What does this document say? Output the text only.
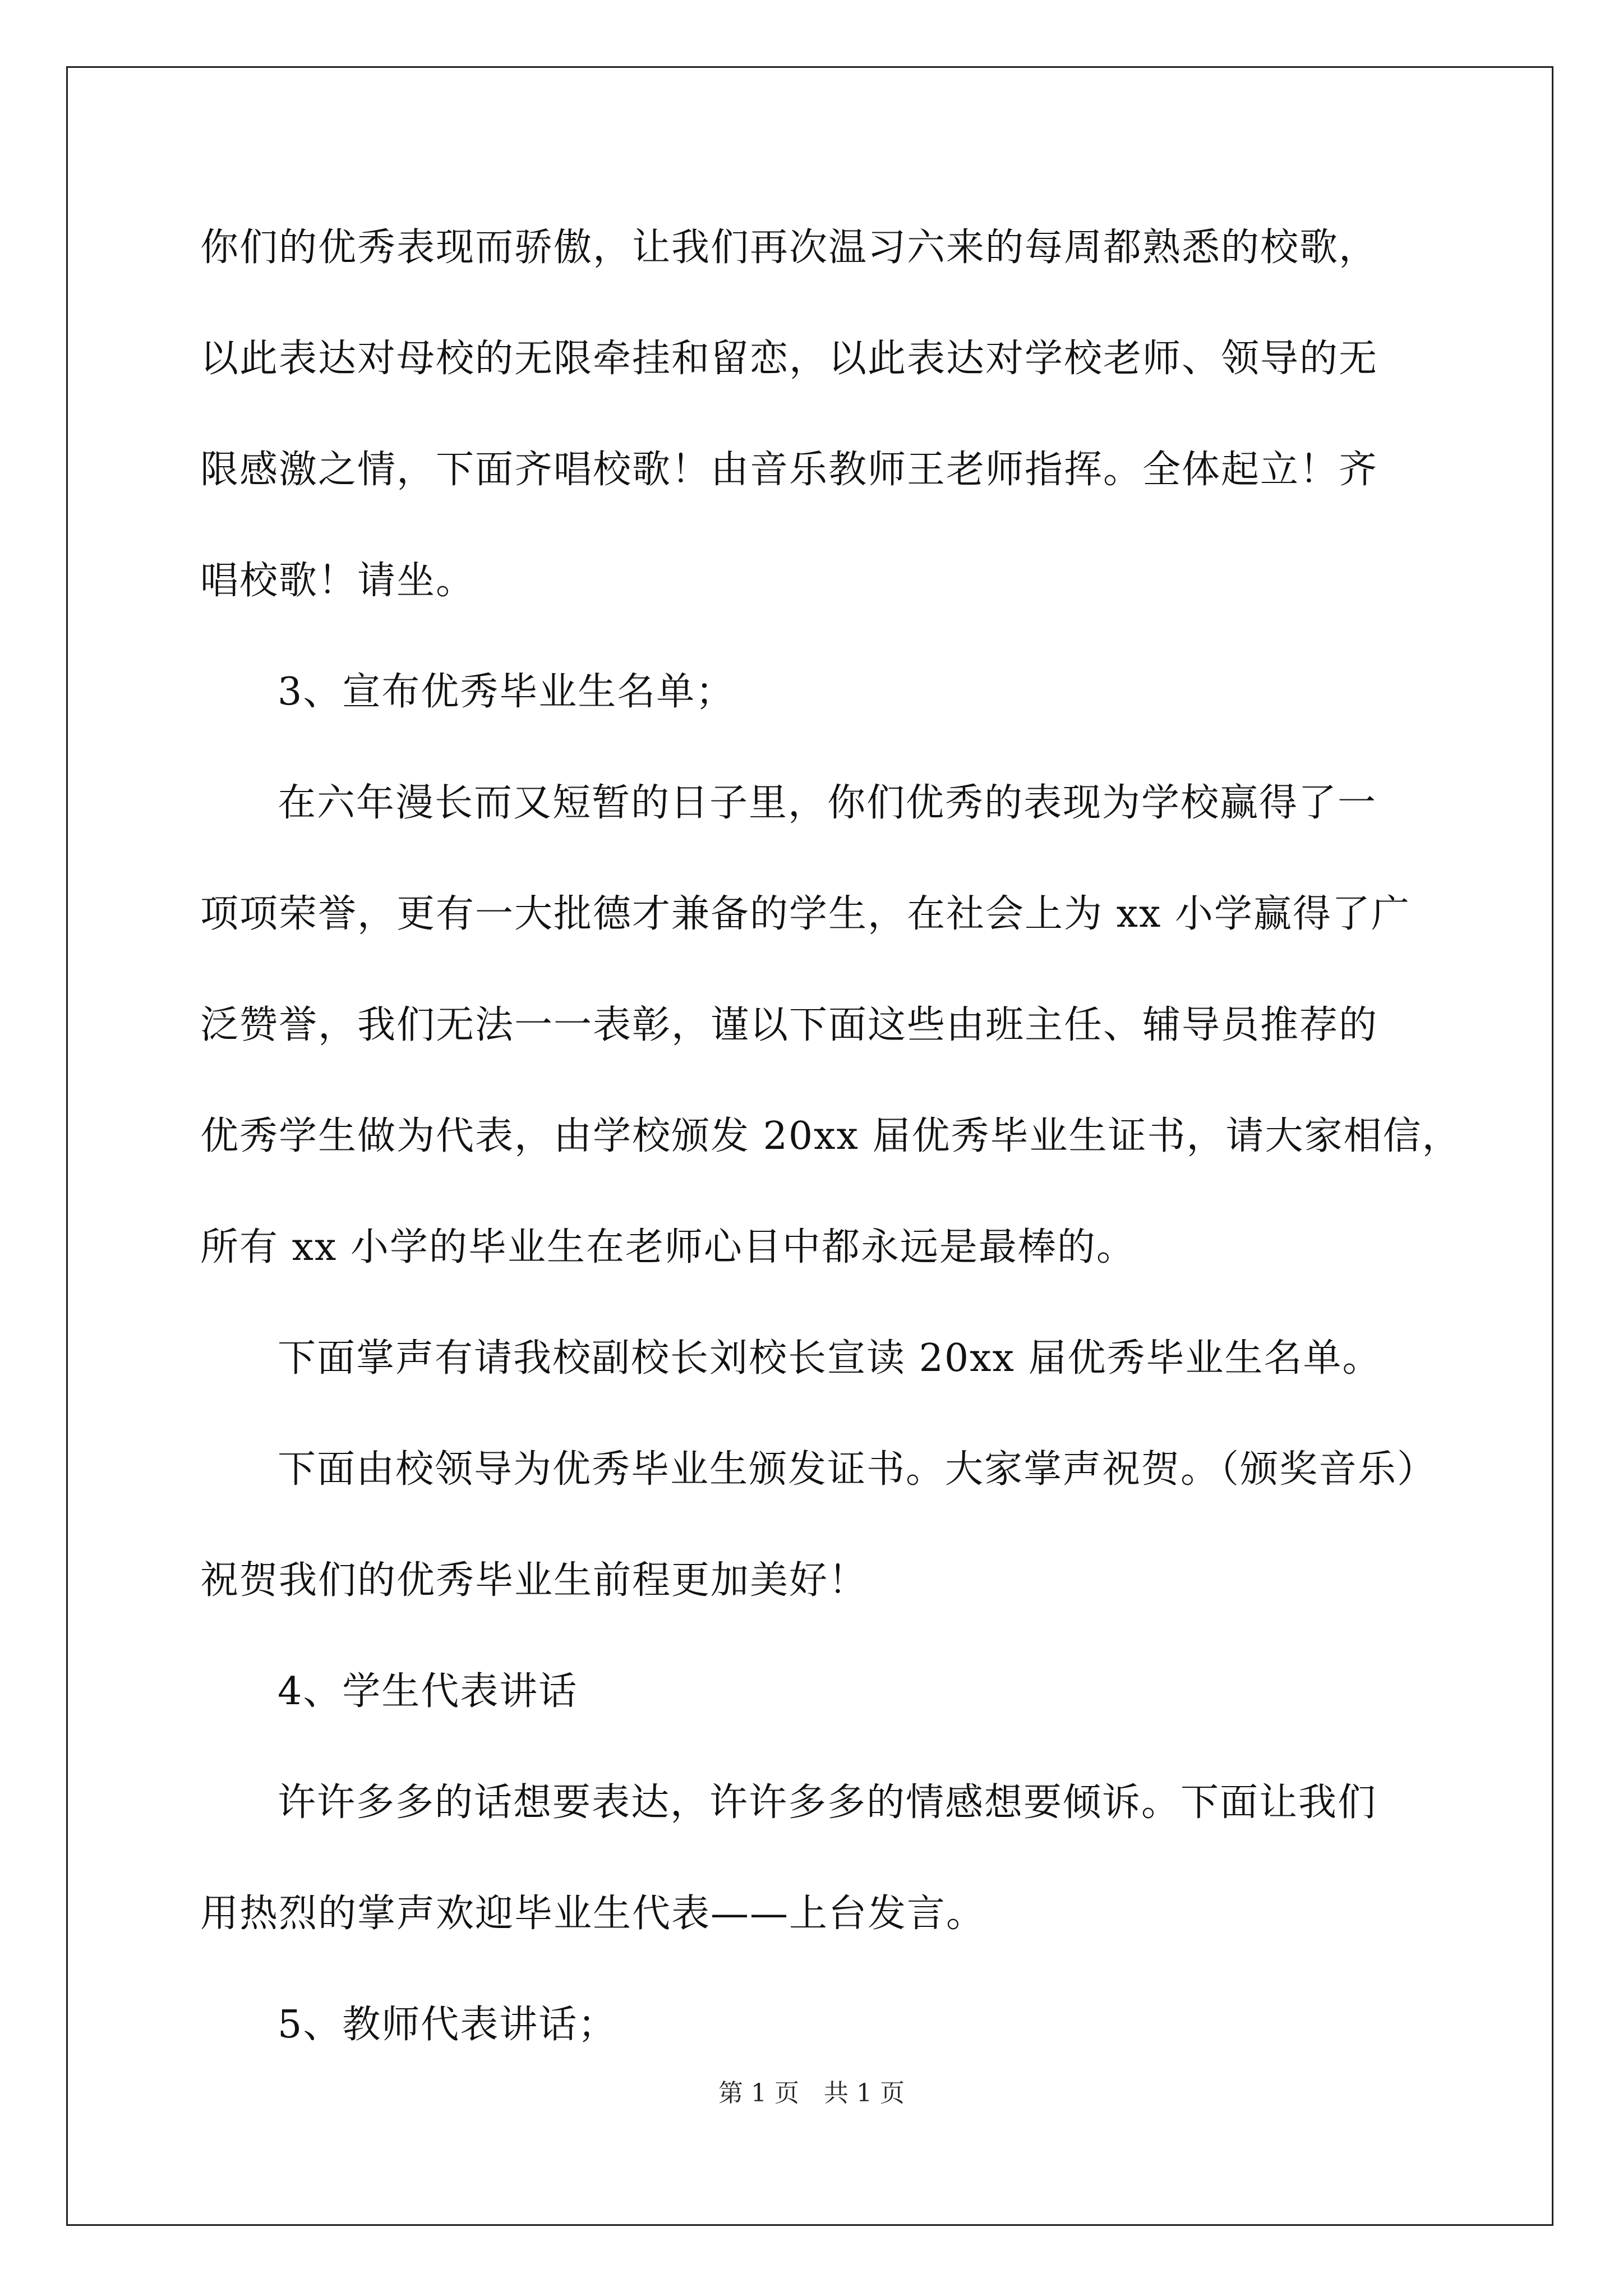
你们的优秀表现而骄傲，让我们再次温习六来的每周都熟悉的校歌，
以此表达对母校的无限牵挂和留恋，以此表达对学校老师、领导的无
限感激之情，下面齐唱校歌！由音乐教师王老师指挥。全体起立！齐
唱校歌！请坐。
3、宣布优秀毕业生名单；
在六年漫长而又短暂的日子里，你们优秀的表现为学校赢得了一
项项荣誉，更有一大批德才兼备的学生，在社会上为 xx 小学赢得了广
泛赞誉，我们无法一一表彰，谨以下面这些由班主任、辅导员推荐的
优秀学生做为代表，由学校颁发 20xx 届优秀毕业生证书，请大家相信，
所有 xx 小学的毕业生在老师心目中都永远是最棒的。
下面掌声有请我校副校长刘校长宣读 20xx 届优秀毕业生名单。
下面由校领导为优秀毕业生颁发证书。大家掌声祝贺。（颁奖音乐）
祝贺我们的优秀毕业生前程更加美好！
4、学生代表讲话
许许多多的话想要表达，许许多多的情感想要倾诉。下面让我们
用热烈的掌声欢迎毕业生代表——上台发言。
5、教师代表讲话；
第 1 页　共 1 页
